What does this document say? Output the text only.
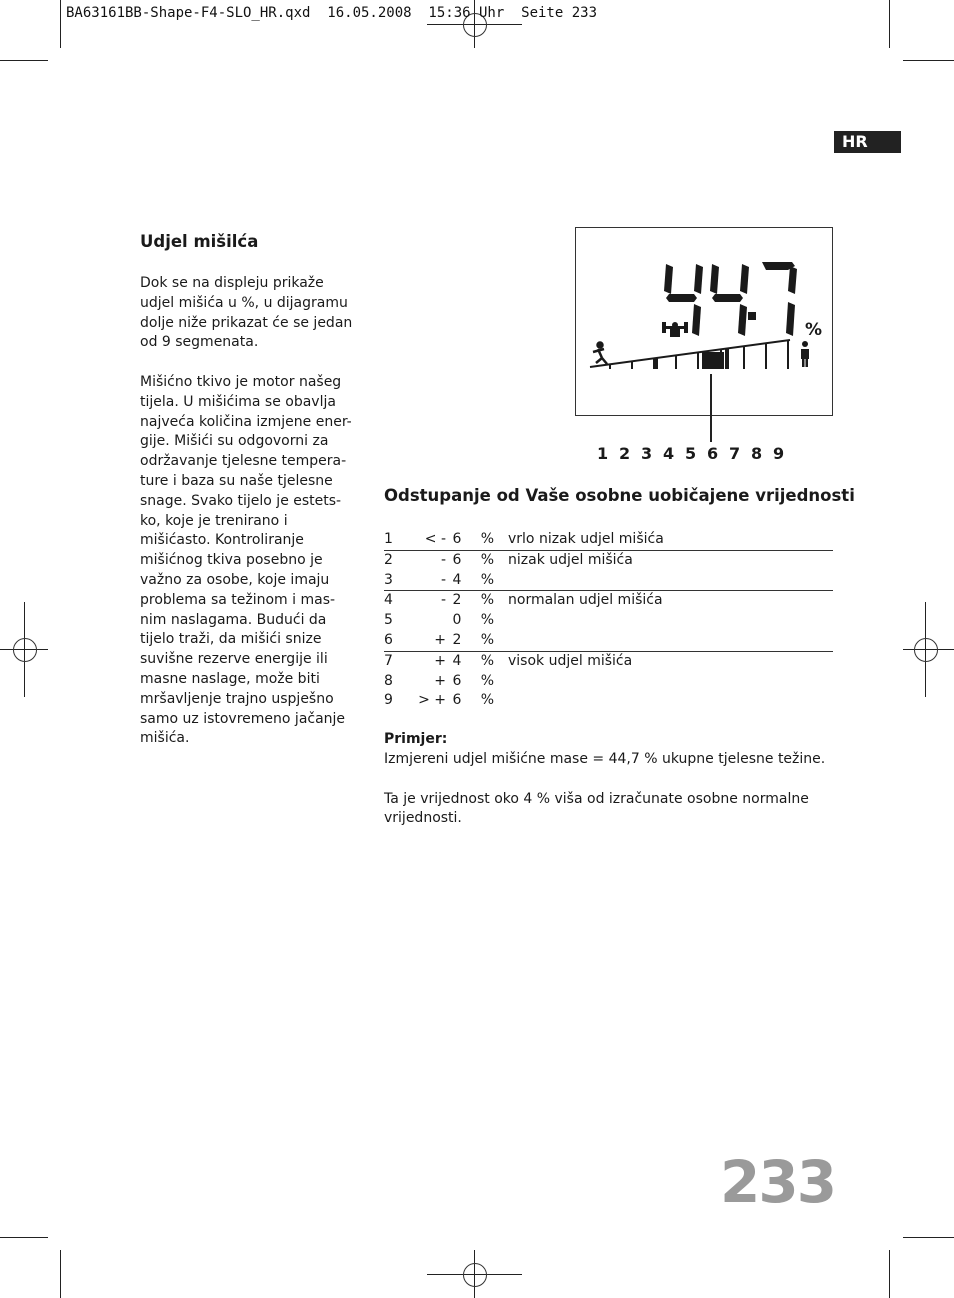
BA63161BB-Shape-F4-SLO_HR.qxd  16.05.2008  15:36 Uhr  Seite 233
HR
Udjel mišilća

Dok se na displeju prikaže udjel mišića u %, u dijagramu dolje niže prikazat će se jedan od 9 segmenata.

Mišićno tkivo je motor našeg tijela. U mišićima se obavlja najveća količina izmjene ener- gije. Mišići su odgovorni za održavanje tjelesne tempera- ture i baza su naše tjelesne snage. Svako tijelo je estets- ko, koje je trenirano i mišićasto. Kontroliranje mišićnog tkiva posebno je važno za osobe, koje imaju problema sa težinom i mas- nim naslagama. Budući da tijelo traži, da mišići snize suvišne rezerve energije ili masne naslage, može biti mršavljenje trajno uspješno samo uz istovremeno jačanje mišića.

%
1 2 3 4 5 6 7 8 9
Odstupanje od Vaše osobne uobičajene vrijednosti
1	< -	6	%	vrlo nizak udjel mišića
2	-	6	%	nizak udjel mišića
3	-	4	%	
4	-	2	%	normalan udjel mišića
5		0	%	
6	+	2	%	
7	+	4	%	visok udjel mišića
8	+	6	%	
9	> +	6	%	
Primjer:

Izmjereni udjel mišićne mase = 44,7 % ukupne tjelesne težine.

Ta je vrijednost oko 4 % viša od izračunate osobne normalne vrijednosti.

233
